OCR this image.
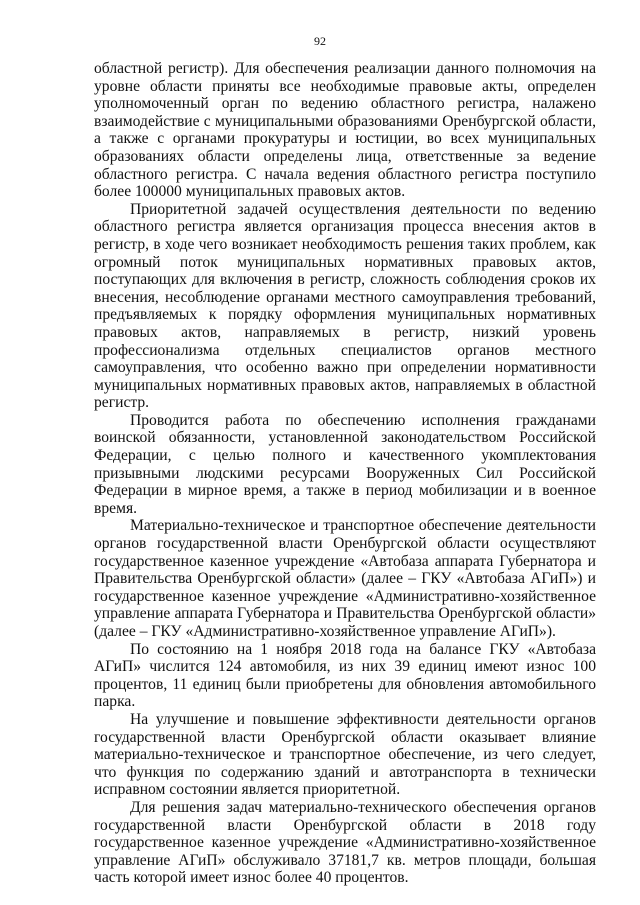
92

областной регистр). Для обеспечения реализации данного полномочия на уровне области приняты все необходимые правовые акты, определен уполномоченный орган по ведению областного регистра, налажено взаимодействие с муниципальными образованиями Оренбургской области, а также с органами прокуратуры и юстиции, во всех муниципальных образованиях области определены лица, ответственные за ведение областного регистра. С начала ведения областного регистра поступило более 100000 муниципальных правовых актов.

Приоритетной задачей осуществления деятельности по ведению областного регистра является организация процесса внесения актов в регистр, в ходе чего возникает необходимость решения таких проблем, как огромный поток муниципальных нормативных правовых актов, поступающих для включения в регистр, сложность соблюдения сроков их внесения, несоблюдение органами местного самоуправления требований, предъявляемых к порядку оформления муниципальных нормативных правовых актов, направляемых в регистр, низкий уровень профессионализма отдельных специалистов органов местного самоуправления, что особенно важно при определении нормативности муниципальных нормативных правовых актов, направляемых в областной регистр.

Проводится работа по обеспечению исполнения гражданами воинской обязанности, установленной законодательством Российской Федерации, с целью полного и качественного укомплектования призывными людскими ресурсами Вооруженных Сил Российской Федерации в мирное время, а также в период мобилизации и в военное время.

Материально-техническое и транспортное обеспечение деятельности органов государственной власти Оренбургской области осуществляют государственное казенное учреждение «Автобаза аппарата Губернатора и Правительства Оренбургской области» (далее – ГКУ «Автобаза АГиП») и государственное казенное учреждение «Административно-хозяйственное управление аппарата Губернатора и Правительства Оренбургской области» (далее – ГКУ «Административно-хозяйственное управление АГиП»).

По состоянию на 1 ноября 2018 года на балансе ГКУ «Автобаза АГиП» числится 124 автомобиля, из них 39 единиц имеют износ 100 процентов, 11 единиц были приобретены для обновления автомобильного парка.

На улучшение и повышение эффективности деятельности органов государственной власти Оренбургской области оказывает влияние материально-техническое и транспортное обеспечение, из чего следует, что функция по содержанию зданий и автотранспорта в технически исправном состоянии является приоритетной.

Для решения задач материально-технического обеспечения органов государственной власти Оренбургской области в 2018 году государственное казенное учреждение «Административно-хозяйственное управление АГиП» обслуживало 37181,7 кв. метров площади, большая часть которой имеет износ более 40 процентов.
